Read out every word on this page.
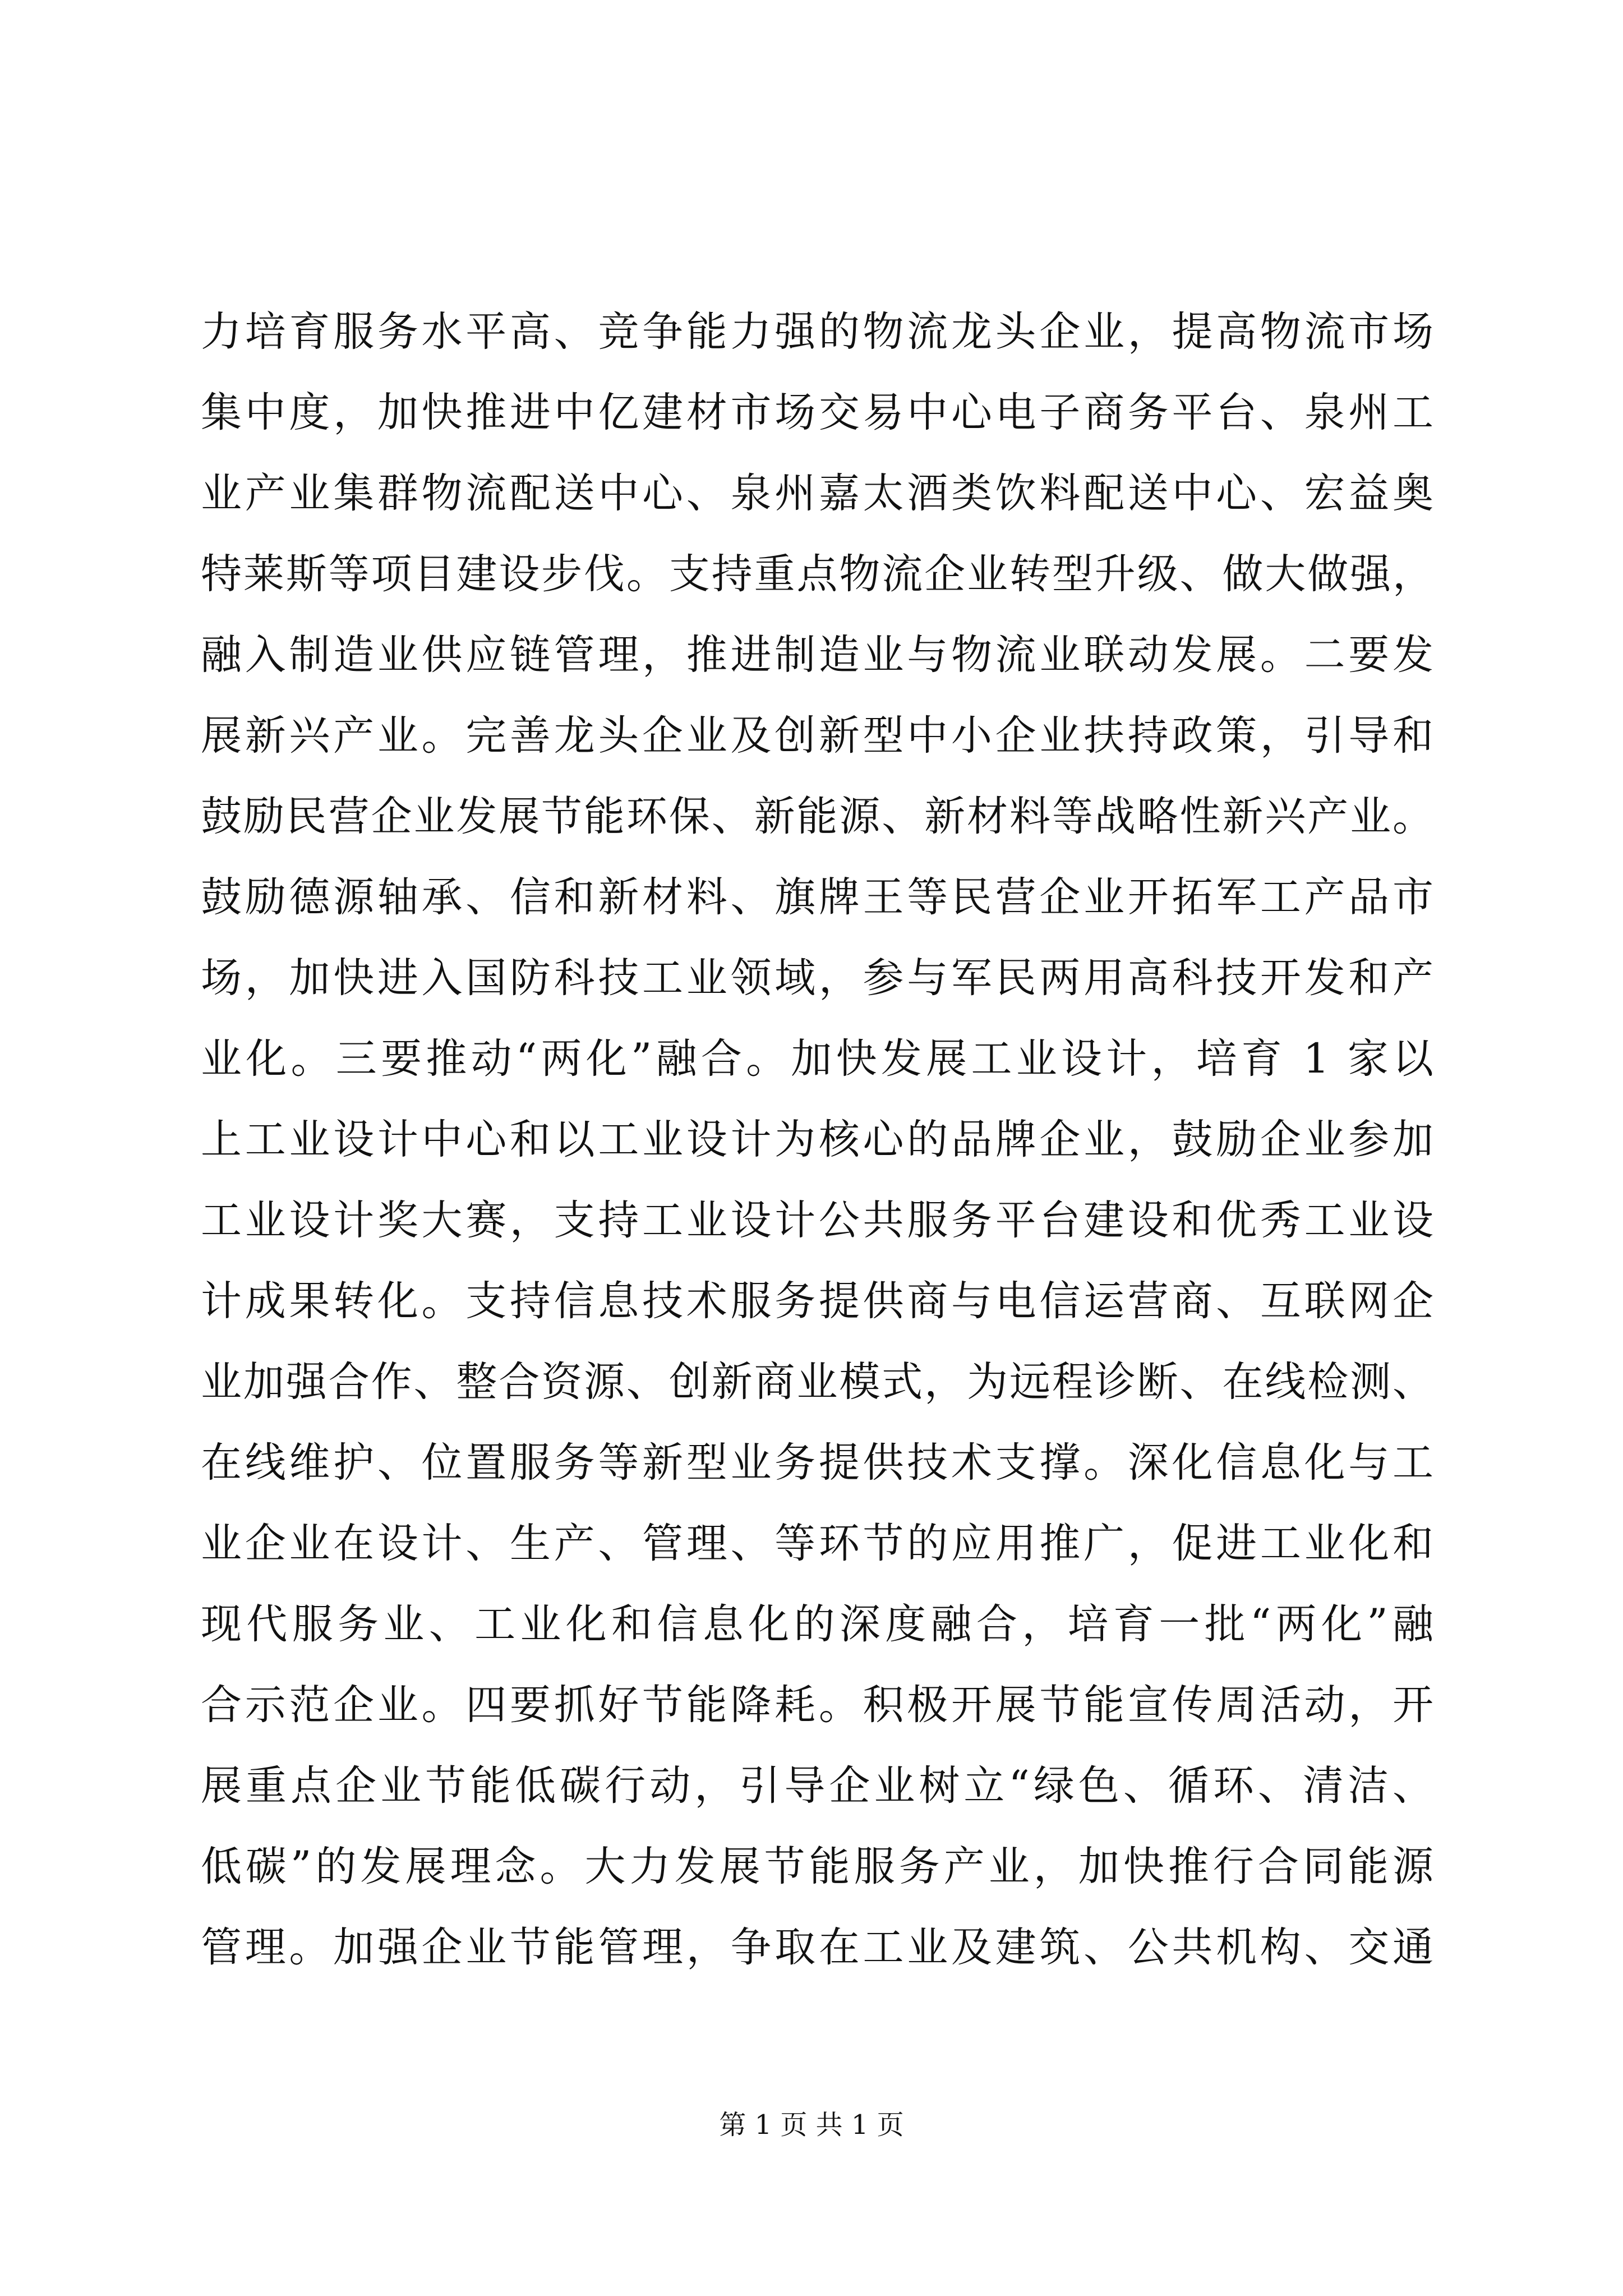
力培育服务水平高、竞争能力强的物流龙头企业，提高物流市场
集中度，加快推进中亿建材市场交易中心电子商务平台、泉州工
业产业集群物流配送中心、泉州嘉太酒类饮料配送中心、宏益奥
特莱斯等项目建设步伐。支持重点物流企业转型升级、做大做强，
融入制造业供应链管理，推进制造业与物流业联动发展。二要发
展新兴产业。完善龙头企业及创新型中小企业扶持政策，引导和
鼓励民营企业发展节能环保、新能源、新材料等战略性新兴产业。
鼓励德源轴承、信和新材料、旗牌王等民营企业开拓军工产品市
场，加快进入国防科技工业领域，参与军民两用高科技开发和产
业化。三要推动“两化”融合。加快发展工业设计，培育 1 家以
上工业设计中心和以工业设计为核心的品牌企业，鼓励企业参加
工业设计奖大赛，支持工业设计公共服务平台建设和优秀工业设
计成果转化。支持信息技术服务提供商与电信运营商、互联网企
业加强合作、整合资源、创新商业模式，为远程诊断、在线检测、
在线维护、位置服务等新型业务提供技术支撑。深化信息化与工
业企业在设计、生产、管理、等环节的应用推广，促进工业化和
现代服务业、工业化和信息化的深度融合，培育一批“两化”融
合示范企业。四要抓好节能降耗。积极开展节能宣传周活动，开
展重点企业节能低碳行动，引导企业树立“绿色、循环、清洁、
低碳”的发展理念。大力发展节能服务产业，加快推行合同能源
管理。加强企业节能管理，争取在工业及建筑、公共机构、交通
第 1 页 共 1 页
